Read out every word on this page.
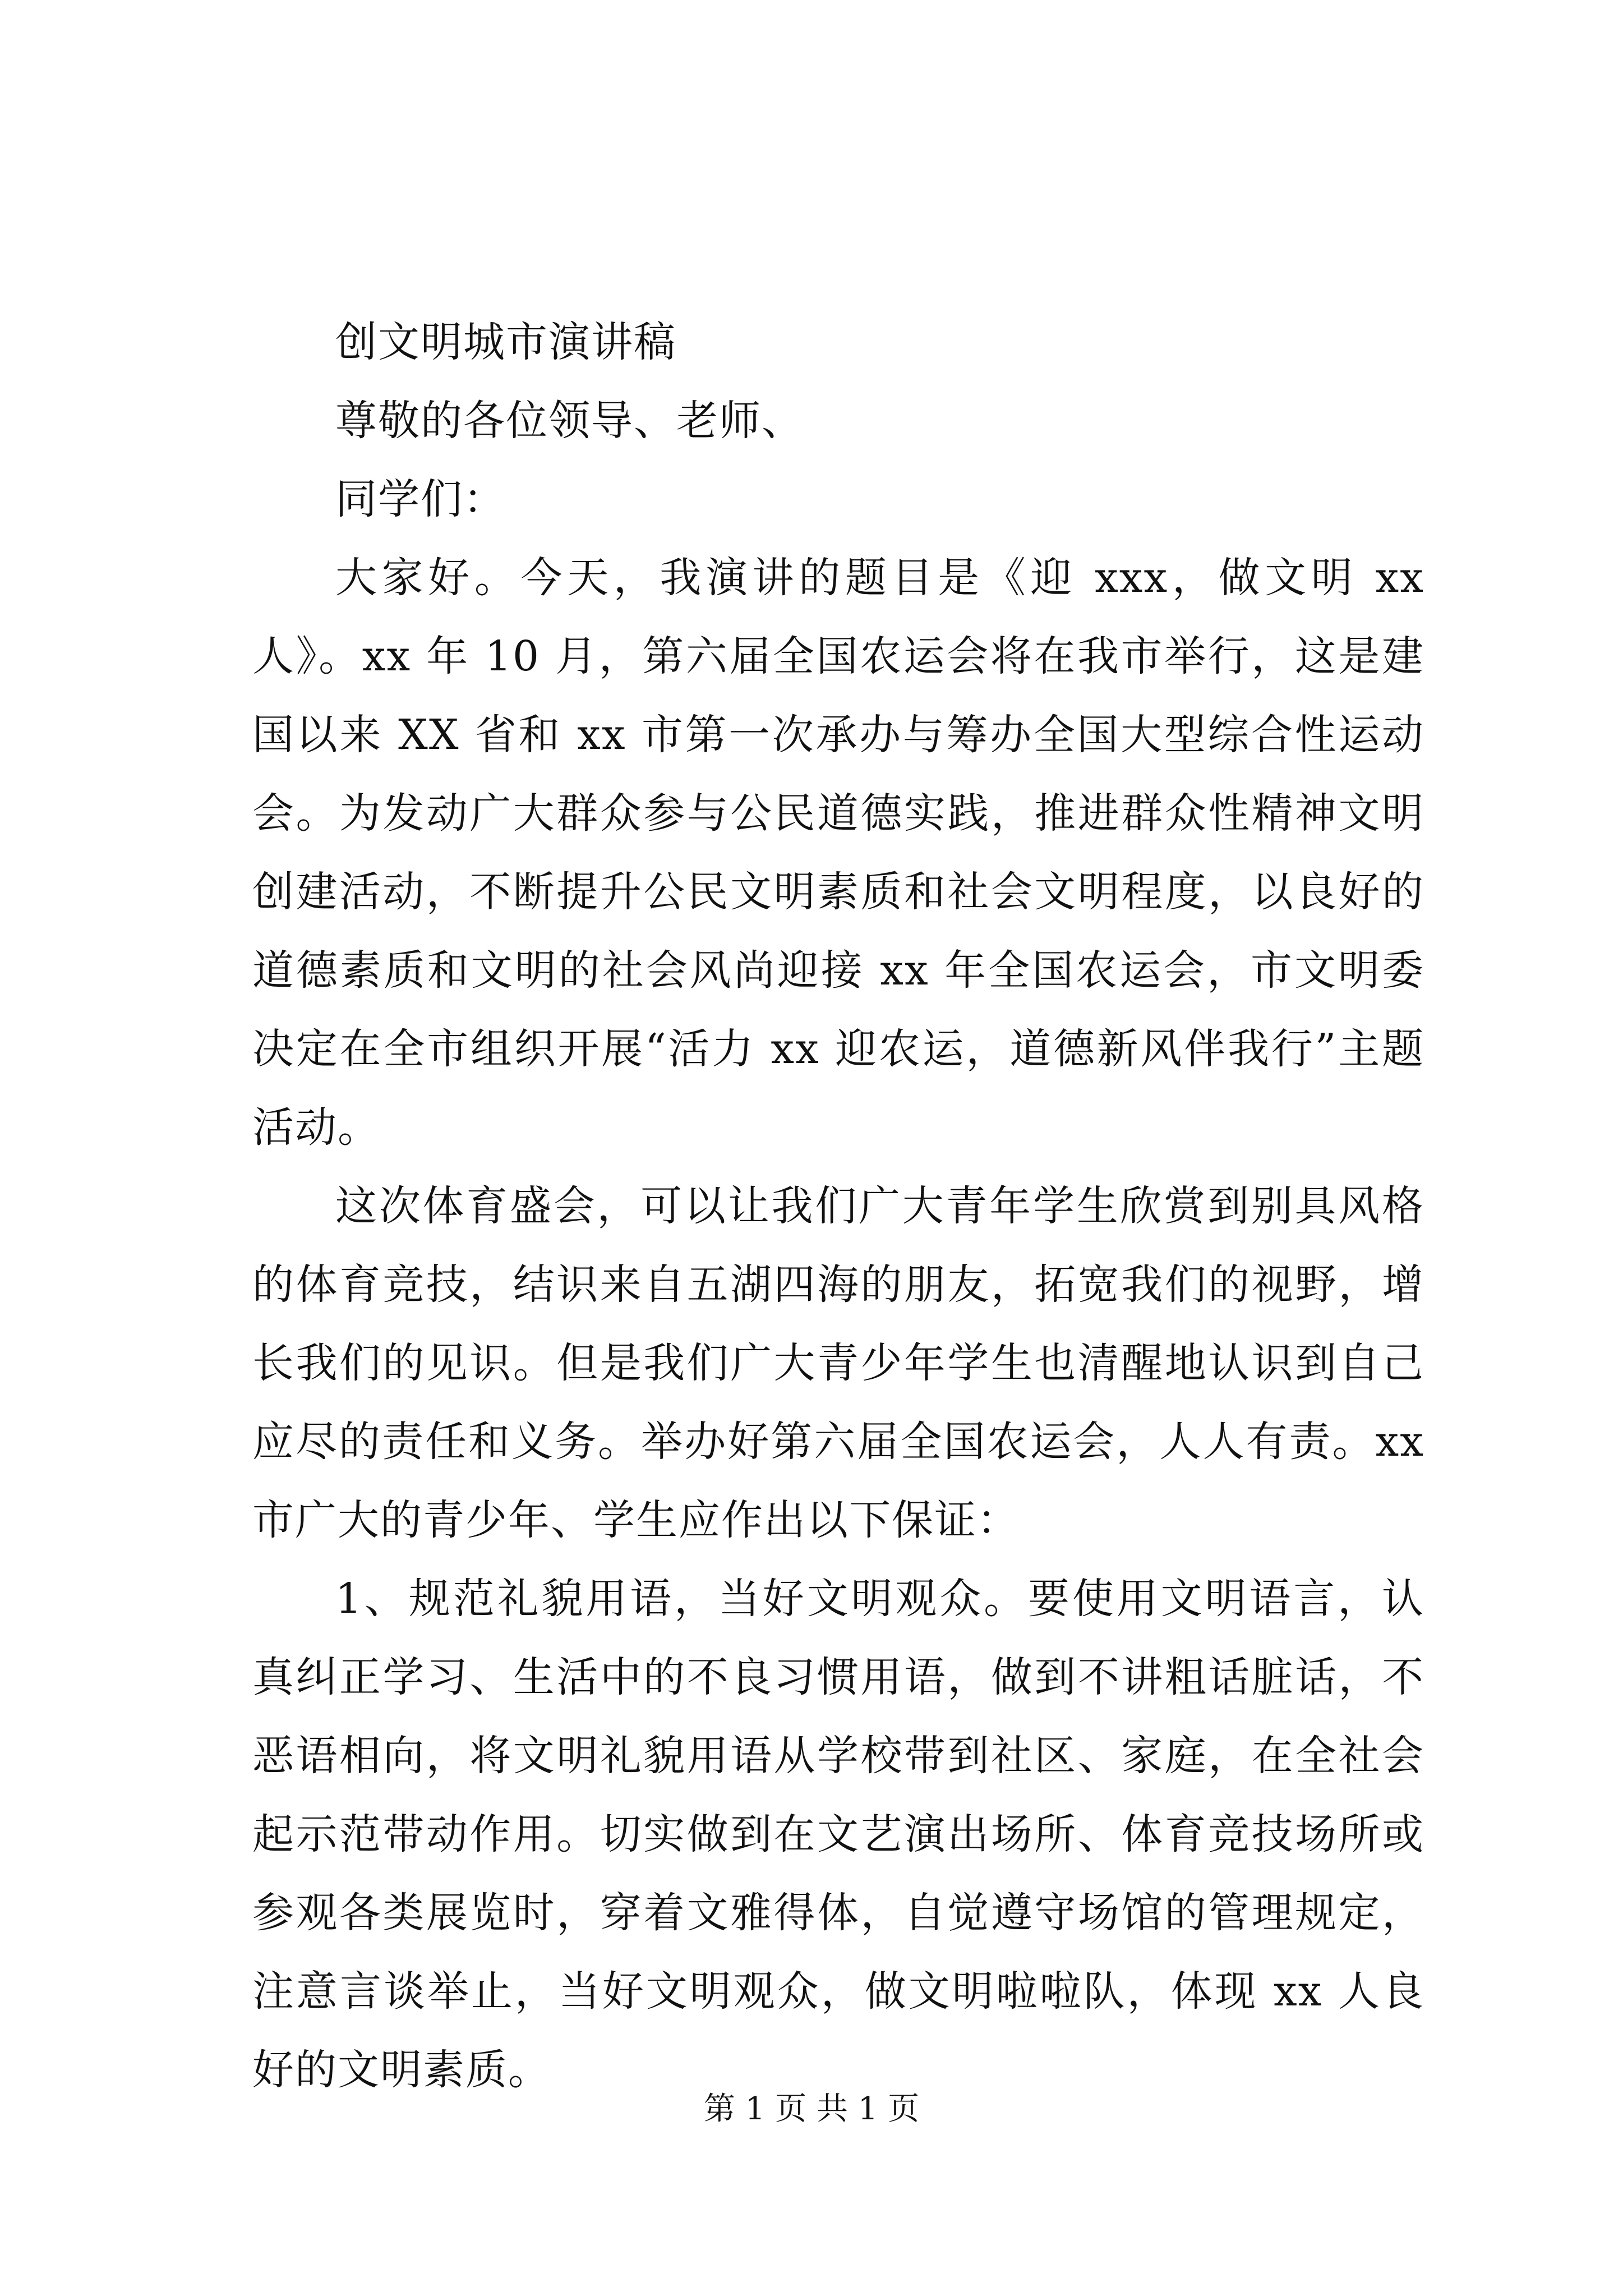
创文明城市演讲稿

尊敬的各位领导、老师、

同学们：

大家好。今天，我演讲的题目是《迎 xxx，做文明 xx 人》。xx 年 10 月，第六届全国农运会将在我市举行，这是建国以来 XX 省和 xx 市第一次承办与筹办全国大型综合性运动会。为发动广大群众参与公民道德实践，推进群众性精神文明创建活动，不断提升公民文明素质和社会文明程度，以良好的道德素质和文明的社会风尚迎接 xx 年全国农运会，市文明委决定在全市组织开展“活力 xx 迎农运，道德新风伴我行”主题活动。

这次体育盛会，可以让我们广大青年学生欣赏到别具风格的体育竞技，结识来自五湖四海的朋友，拓宽我们的视野，增长我们的见识。但是我们广大青少年学生也清醒地认识到自己应尽的责任和义务。举办好第六届全国农运会，人人有责。xx 市广大的青少年、学生应作出以下保证：

1、规范礼貌用语，当好文明观众。要使用文明语言，认真纠正学习、生活中的不良习惯用语，做到不讲粗话脏话，不恶语相向，将文明礼貌用语从学校带到社区、家庭，在全社会起示范带动作用。切实做到在文艺演出场所、体育竞技场所或参观各类展览时，穿着文雅得体，自觉遵守场馆的管理规定，注意言谈举止，当好文明观众，做文明啦啦队，体现 xx 人良好的文明素质。

第 1 页 共 1 页
